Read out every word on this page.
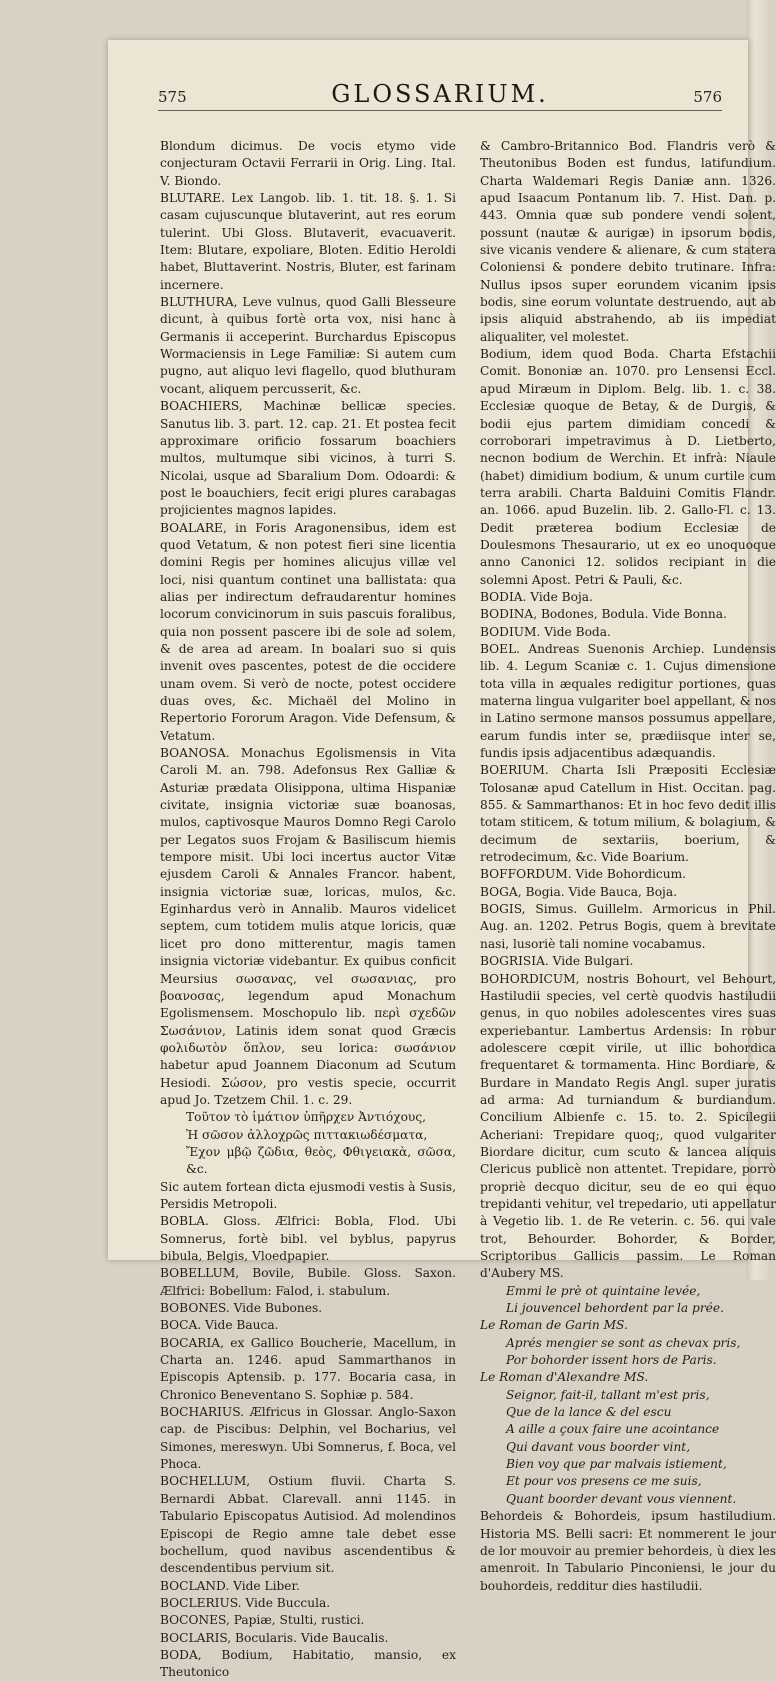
575	GLOSSARIUM.	576

Blondum dicimus. De vocis etymo vide conjecturam Octavii Ferrarii in Orig. Ling. Ital. V. Biondo.

BLUTARE. Lex Langob. lib. 1. tit. 18. §. 1. Si casam cujuscunque blutaverint, aut res eorum tulerint. Ubi Gloss. Blutaverit, evacuaverit. Item: Blutare, expoliare, Bloten. Editio Heroldi habet, Bluttaverint. Nostris, Bluter, est farinam incernere.

BLUTHURA, Leve vulnus, quod Galli Blesseure dicunt, à quibus fortè orta vox, nisi hanc à Germanis ii acceperint. Burchardus Episcopus Wormaciensis in Lege Familiæ: Si autem cum pugno, aut aliquo levi flagello, quod bluthuram vocant, aliquem percusserit, &c.

BOACHIERS, Machinæ bellicæ species. Sanutus lib. 3. part. 12. cap. 21. Et postea fecit approximare orificio fossarum boachiers multos, multumque sibi vicinos, à turri S. Nicolai, usque ad Sbaralium Dom. Odoardi: & post le boauchiers, fecit erigi plures carabagas projicientes magnos lapides.

BOALARE, in Foris Aragonensibus, idem est quod Vetatum, & non potest fieri sine licentia domini Regis per homines alicujus villæ vel loci, nisi quantum continet una ballistata: qua alias per indirectum defraudarentur homines locorum convicinorum in suis pascuis foralibus, quia non possent pascere ibi de sole ad solem, & de area ad aream. In boalari suo si quis invenit oves pascentes, potest de die occidere unam ovem. Si verò de nocte, potest occidere duas oves, &c. Michaël del Molino in Repertorio Fororum Aragon. Vide Defensum, & Vetatum.

BOANOSA. Monachus Egolismensis in Vita Caroli M. an. 798. Adefonsus Rex Galliæ & Asturiæ prædata Olisippona, ultima Hispaniæ civitate, insignia victoriæ suæ boanosas, mulos, captivosque Mauros Domno Regi Carolo per Legatos suos Frojam & Basiliscum hiemis tempore misit. Ubi loci incertus auctor Vitæ ejusdem Caroli & Annales Francor. habent, insignia victoriæ suæ, loricas, mulos, &c. Eginhardus verò in Annalib. Mauros videlicet septem, cum totidem mulis atque loricis, quæ licet pro dono mitterentur, magis tamen insignia victoriæ videbantur. Ex quibus conficit Meursius σωσανας, vel σωσανιας, pro βοανοσας, legendum apud Monachum Egolismensem. Moschopulo lib. περὶ σχεδῶν Σωσάνιον, Latinis idem sonat quod Græcis φολιδωτὸν ὅπλον, seu lorica: σωσάνιον habetur apud Joannem Diaconum ad Scutum Hesiodi. Σώσον, pro vestis specie, occurrit apud Jo. Tzetzem Chil. 1. c. 29.

Τοῦτον τὸ ἱμάτιον ὑπῆρχεν Ἀντιόχους,

Ἠ σῶσον ἀλλοχρῶς πιττακιωδέσματα,

Ἔχον μβῷ ζῶδια, θεὸς, Φθιγειακὰ, σῶσα, &c.

Sic autem fortean dicta ejusmodi vestis à Susis, Persidis Metropoli.

BOBLA. Gloss. Ælfrici: Bobla, Flod. Ubi Somnerus, fortè bibl. vel byblus, papyrus bibula, Belgis, Vloedpapier.

BOBELLUM, Bovile, Bubile. Gloss. Saxon. Ælfrici: Bobellum: Falod, i. stabulum.

BOBONES. Vide Bubones.

BOCA. Vide Bauca.

BOCARIA, ex Gallico Boucherie, Macellum, in Charta an. 1246. apud Sammarthanos in Episcopis Aptensib. p. 177. Bocaria casa, in Chronico Beneventano S. Sophiæ p. 584.

BOCHARIUS. Ælfricus in Glossar. Anglo-Saxon cap. de Piscibus: Delphin, vel Bocharius, vel Simones, mereswyn. Ubi Somnerus, f. Boca, vel Phoca.

BOCHELLUM, Ostium fluvii. Charta S. Bernardi Abbat. Clarevall. anni 1145. in Tabulario Episcopatus Autisiod. Ad molendinos Episcopi de Regio amne tale debet esse bochellum, quod navibus ascendentibus & descendentibus pervium sit.

BOCLAND. Vide Liber.

BOCLERIUS. Vide Buccula.

BOCONES, Papiæ, Stulti, rustici.

BOCLARIS, Bocularis. Vide Baucalis.

BODA, Bodium, Habitatio, mansio, ex Theutonico

& Cambro-Britannico Bod. Flandris verò & Theutonibus Boden est fundus, latifundium. Charta Waldemari Regis Daniæ ann. 1326. apud Isaacum Pontanum lib. 7. Hist. Dan. p. 443. Omnia quæ sub pondere vendi solent, possunt (nautæ & aurigæ) in ipsorum bodis, sive vicanis vendere & alienare, & cum statera Coloniensi & pondere debito trutinare. Infra: Nullus ipsos super eorundem vicanim ipsis bodis, sine eorum voluntate destruendo, aut ab ipsis aliquid abstrahendo, ab iis impediat aliqualiter, vel molestet.

Bodium, idem quod Boda. Charta Efstachii Comit. Bononiæ an. 1070. pro Lensensi Eccl. apud Miræum in Diplom. Belg. lib. 1. c. 38. Ecclesiæ quoque de Betay, & de Durgis, & bodii ejus partem dimidiam concedi & corroborari impetravimus à D. Lietberto, necnon bodium de Werchin. Et infrà: Niaule (habet) dimidium bodium, & unum curtile cum terra arabili. Charta Balduini Comitis Flandr. an. 1066. apud Buzelin. lib. 2. Gallo-Fl. c. 13. Dedit præterea bodium Ecclesiæ de Doulesmons Thesaurario, ut ex eo unoquoque anno Canonici 12. solidos recipiant in die solemni Apost. Petri & Pauli, &c.

BODIA. Vide Boja.

BODINA, Bodones, Bodula. Vide Bonna.

BODIUM. Vide Boda.

BOEL. Andreas Suenonis Archiep. Lundensis lib. 4. Legum Scaniæ c. 1. Cujus dimensione tota villa in æquales redigitur portiones, quas materna lingua vulgariter boel appellant, & nos in Latino sermone mansos possumus appellare, earum fundis inter se, prædiisque inter se, fundis ipsis adjacentibus adæquandis.

BOERIUM. Charta Isli Præpositi Ecclesiæ Tolosanæ apud Catellum in Hist. Occitan. pag. 855. & Sammarthanos: Et in hoc fevo dedit illis totam stiticem, & totum milium, & bolagium, & decimum de sextariis, boerium, & retrodecimum, &c. Vide Boarium.

BOFFORDUM. Vide Bohordicum.

BOGA, Bogia. Vide Bauca, Boja.

BOGIS, Simus. Guillelm. Armoricus in Phil. Aug. an. 1202. Petrus Bogis, quem à brevitate nasi, lusoriè tali nomine vocabamus.

BOGRISIA. Vide Bulgari.

BOHORDICUM, nostris Bohourt, vel Behourt, Hastiludii species, vel certè quodvis hastiludii genus, in quo nobiles adolescentes vires suas experiebantur. Lambertus Ardensis: In robur adolescere cœpit virile, ut illic bohordica frequentaret & tormamenta. Hinc Bordiare, & Burdare in Mandato Regis Angl. super juratis ad arma: Ad turniandum & burdiandum. Concilium Albienfe c. 15. to. 2. Spicilegii Acheriani: Trepidare quoq;, quod vulgariter Biordare dicitur, cum scuto & lancea aliquis Clericus publicè non attentet. Trepidare, porrò propriè decquo dicitur, seu de eo qui equo trepidanti vehitur, vel trepedario, uti appellatur à Vegetio lib. 1. de Re veterin. c. 56. qui vale trot, Behourder. Bohorder, & Border, Scriptoribus Gallicis passim. Le Roman d'Aubery MS.

Emmi le prè ot quintaine levée,

Li jouvencel behordent par la prée.

Le Roman de Garin MS.

Aprés mengier se sont as chevax pris,

Por bohorder issent hors de Paris.

Le Roman d'Alexandre MS.

Seignor, fait-il, tallant m'est pris,

Que de la lance & del escu

A aille a çoux faire une acointance

Qui davant vous boorder vint,

Bien voy que par malvais istiement,

Et pour vos presens ce me suis,

Quant boorder devant vous viennent.

Behordeis & Bohordeis, ipsum hastiludium. Historia MS. Belli sacri: Et nommerent le jour de lor mouvoir au premier behordeis, ù diex les amenroit. In Tabulario Pinconiensi, le jour du bouhordeis, redditur dies hastiludii.
